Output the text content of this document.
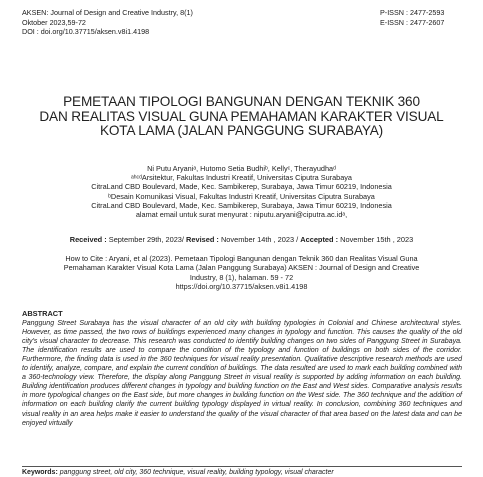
AKSEN: Journal of Design and Creative Industry, 8(1)
Oktober 2023,59-72
DOI : doi.org/10.37715/aksen.v8i1.4198
P-ISSN : 2477-2593
E-ISSN : 2477-2607
PEMETAAN TIPOLOGI BANGUNAN DENGAN TEKNIK 360
DAN REALITAS VISUAL GUNA PEMAHAMAN KARAKTER VISUAL
KOTA LAMA (JALAN PANGGUNG SURABAYA)
Ni Putu Aryaniᵃ, Hutomo Setia Budhiᵇ, Kellyᶜ, Therayudhaᵈ
ᵃʰᶜᵈArsitektur, Fakultas Industri Kreatif, Universitas Ciputra Surabaya
CitraLand CBD Boulevard, Made, Kec. Sambikerep, Surabaya, Jawa Timur 60219, Indonesia
ᵇDesain Komunikasi Visual, Fakultas Industri Kreatif, Universitas Ciputra Surabaya
CitraLand CBD Boulevard, Made, Kec. Sambikerep, Surabaya, Jawa Timur 60219, Indonesia
alamat email untuk surat menyurat : niputu.aryani@ciputra.ac.idᵃ,
Received : September 29th, 2023/ Revised : November 14th , 2023 / Accepted : November 15th , 2023
How to Cite : Aryani, et al (2023). Pemetaan Tipologi Bangunan dengan Teknik 360 dan Realitas Visual Guna
Pemahaman Karakter Visual Kota Lama (Jalan Panggung Surabaya) AKSEN : Journal of Design and Creative
Industry, 8 (1), halaman. 59 - 72
https://doi.org/10.37715/aksen.v8i1.4198
ABSTRACT
Panggung Street Surabaya has the visual character of an old city with building typologies in Colonial and Chinese architectural styles. However, as time passed, the two rows of buildings experienced many changes in typology and function. This causes the quality of the old city's visual character to decrease. This research was conducted to identify building changes on two sides of Panggung Street in Surabaya. The identification results are used to compare the condition of the typology and function of buildings on both sides of the corridor. Furthermore, the finding data is used in the 360 techniques for visual reality presentation. Qualitative descriptive research methods are used to identify, analyze, compare, and explain the current condition of buildings. The data resulted are used to mark each building combined with a 360-technology view. Therefore, the display along Panggung Street in visual reality is supported by adding information on each building. Building identification produces different changes in typology and building function on the East and West sides. Comparative analysis results in more typological changes on the East side, but more changes in building function on the West side. The 360 technique and the addition of information on each building clarify the current building typology displayed in virtual reality. In conclusion, combining 360 techniques and visual reality in an area helps make it easier to understand the quality of the visual character of that area based on the latest data and can be enjoyed virtually
Keywords: panggung street, old city, 360 technique, visual reality, building typology, visual character
